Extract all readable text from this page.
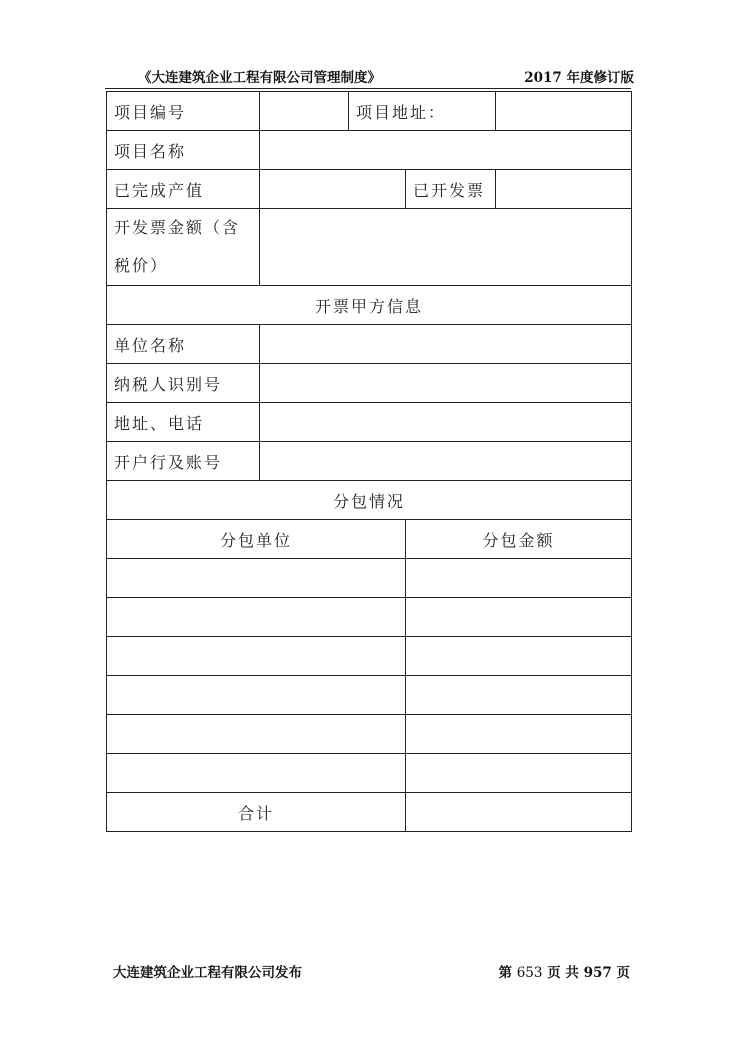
《大连建筑企业工程有限公司管理制度》	2017 年度修订版
项目编号		项目地址：		
项目名称				
已完成产值			已开发票	
开发票金额（含税价）				
开票甲方信息				
单位名称				
纳税人识别号				
地址、电话				
开户行及账号				
分包情况				
分包单位			分包金额	

合计				
大连建筑企业工程有限公司发布	第 653 页 共 957 页
